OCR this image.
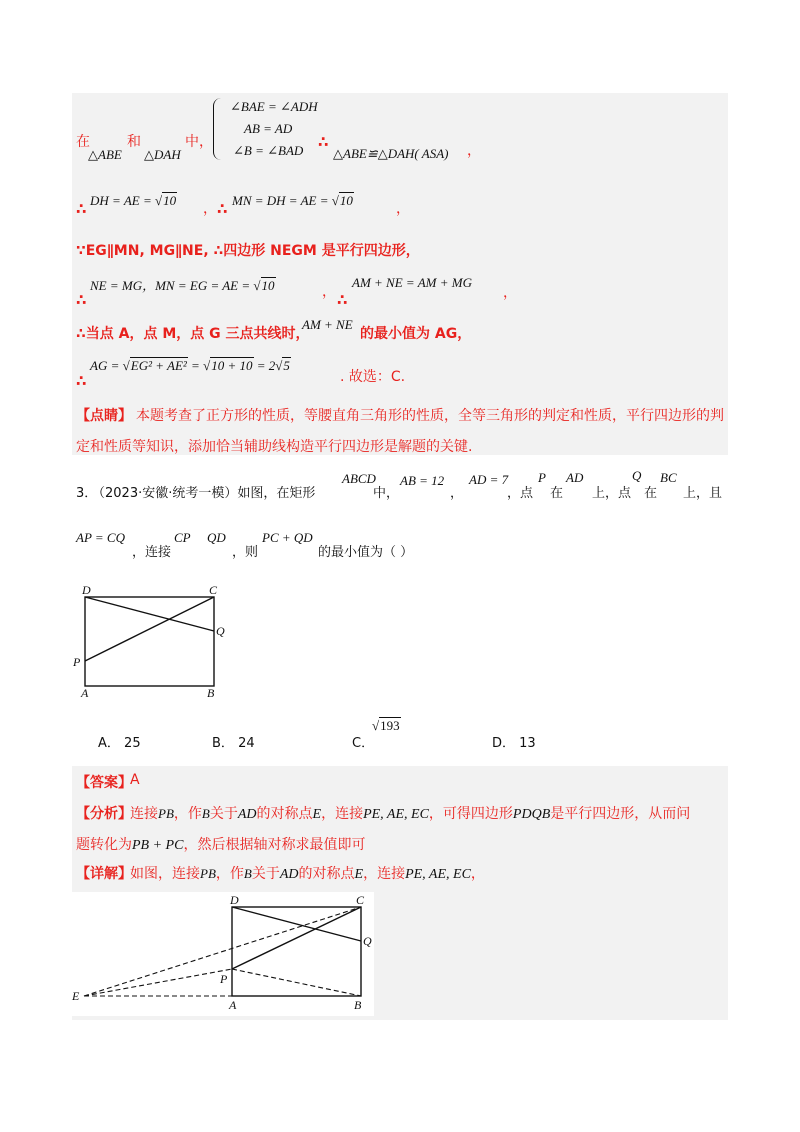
在	和	中，
△ABE △DAH
∠BAE = ∠ADH
AB = AD
∠B = ∠BAD ∴
△ABE≌△DAH( ASA) ，
∴ DH = AE = √10
， ∴ MN = DH = AE = √10
，
∵EG∥MN, MG∥NE, ∴四边形 NEGM 是平行四边形，
∴
NE = MG，MN = EG = AE = √10	， ∴
AM + NE = AM + MG
，
∴当点 A，点 M，点 G 三点共线时，
AM + NE
的最小值为 AG，
∴
AG = √EG² + AE² = √10 + 10 = 2√5
. 故选：C.
【点睛】 本题考查了正方形的性质，等腰直角三角形的性质，全等三角形的判定和性质，平行四边形的判
定和性质等知识，添加恰当辅助线构造平行四边形是解题的关键.
3．
（2023·安徽·统考一模）如图，在矩形
ABCD
中，
AB = 12
，
AD = 7
，点
P
在
AD
上，点
Q
在
BC
上，且
AP = CQ
，连接
CP QD
，则
PC + QD
的最小值为（ ）
D	C
Q
P
A	B
A． 25	B． 24	C．
√193
D． 13
【答案】
A
【分析】
连接PB，作B关于AD的对称点E，连接PE, AE, EC，可得四边形PDQB是平行四边形，从而问
题转化为PB + PC，然后根据轴对称求最值即可
【详解】
如图，连接PB，作B关于AD的对称点E，连接PE, AE, EC，
D	C
Q
P
E
A	B
